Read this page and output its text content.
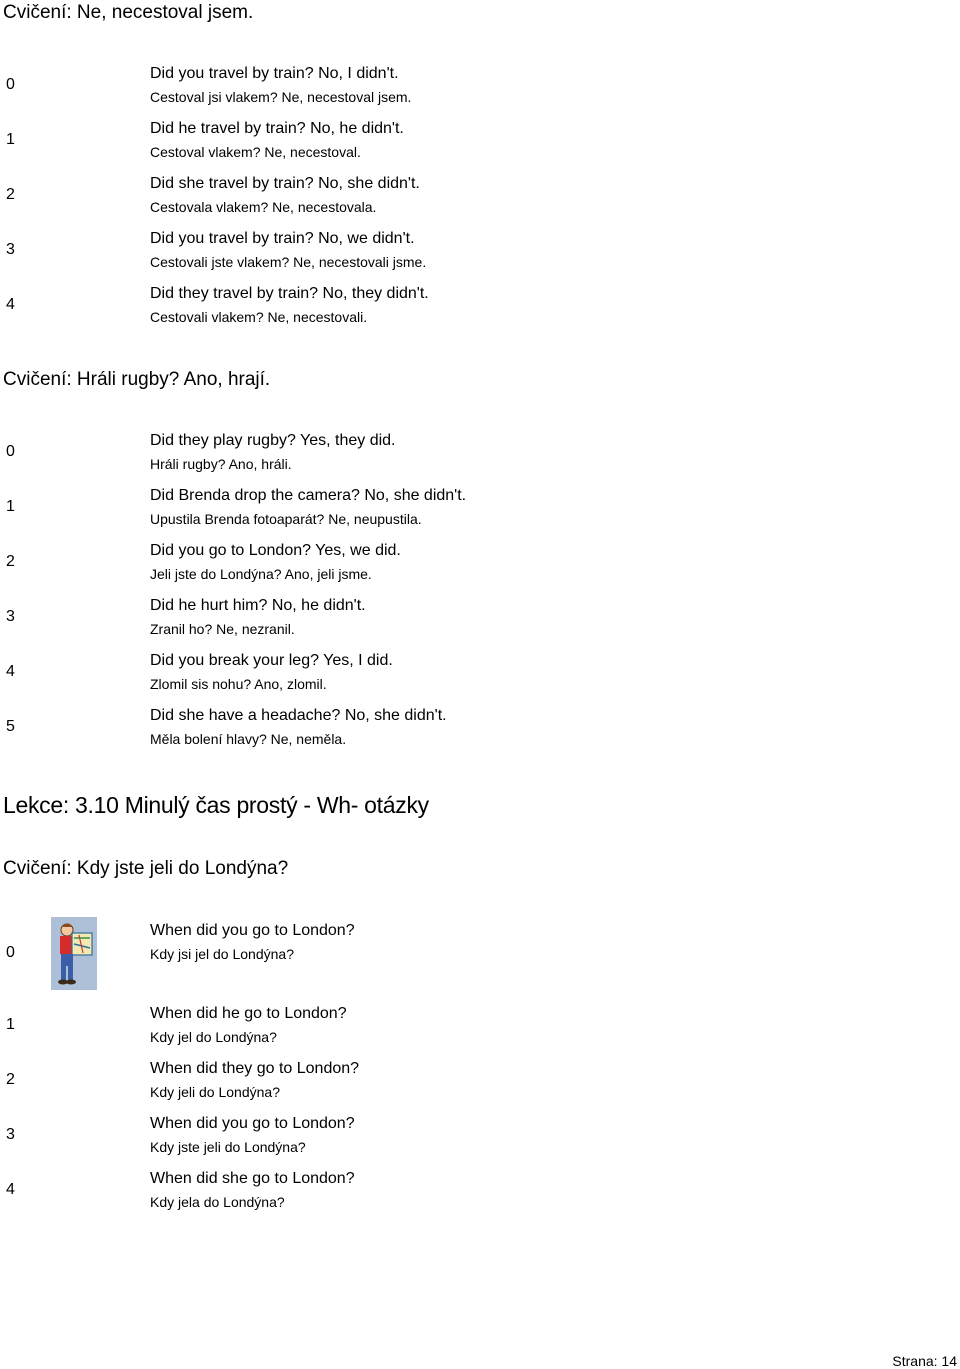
Cvičení: Ne, necestoval jsem.
0
Did you travel by train? No, I didn't.
Cestoval jsi vlakem? Ne, necestoval jsem.
1
Did he travel by train? No, he didn't.
Cestoval vlakem? Ne, necestoval.
2
Did she travel by train? No, she didn't.
Cestovala vlakem? Ne, necestovala.
3
Did you travel by train? No, we didn't.
Cestovali jste vlakem? Ne, necestovali jsme.
4
Did they travel by train? No, they didn't.
Cestovali vlakem? Ne, necestovali.
Cvičení: Hráli rugby? Ano, hrají.
0
Did they play rugby? Yes, they did.
Hráli rugby? Ano, hráli.
1
Did Brenda drop the camera? No, she didn't.
Upustila Brenda fotoaparát? Ne, neupustila.
2
Did you go to London? Yes, we did.
Jeli jste do Londýna? Ano, jeli jsme.
3
Did he hurt him? No, he didn't.
Zranil ho? Ne, nezranil.
4
Did you break your leg? Yes, I did.
Zlomil sis nohu? Ano, zlomil.
5
Did she have a headache? No, she didn't.
Měla bolení hlavy? Ne, neměla.
Lekce: 3.10 Minulý čas prostý - Wh- otázky
Cvičení: Kdy jste jeli do Londýna?
0
When did you go to London?
Kdy jsi jel do Londýna?
1
When did he go to London?
Kdy jel do Londýna?
2
When did they go to London?
Kdy jeli do Londýna?
3
When did you go to London?
Kdy jste jeli do Londýna?
4
When did she go to London?
Kdy jela do Londýna?
Strana: 14
